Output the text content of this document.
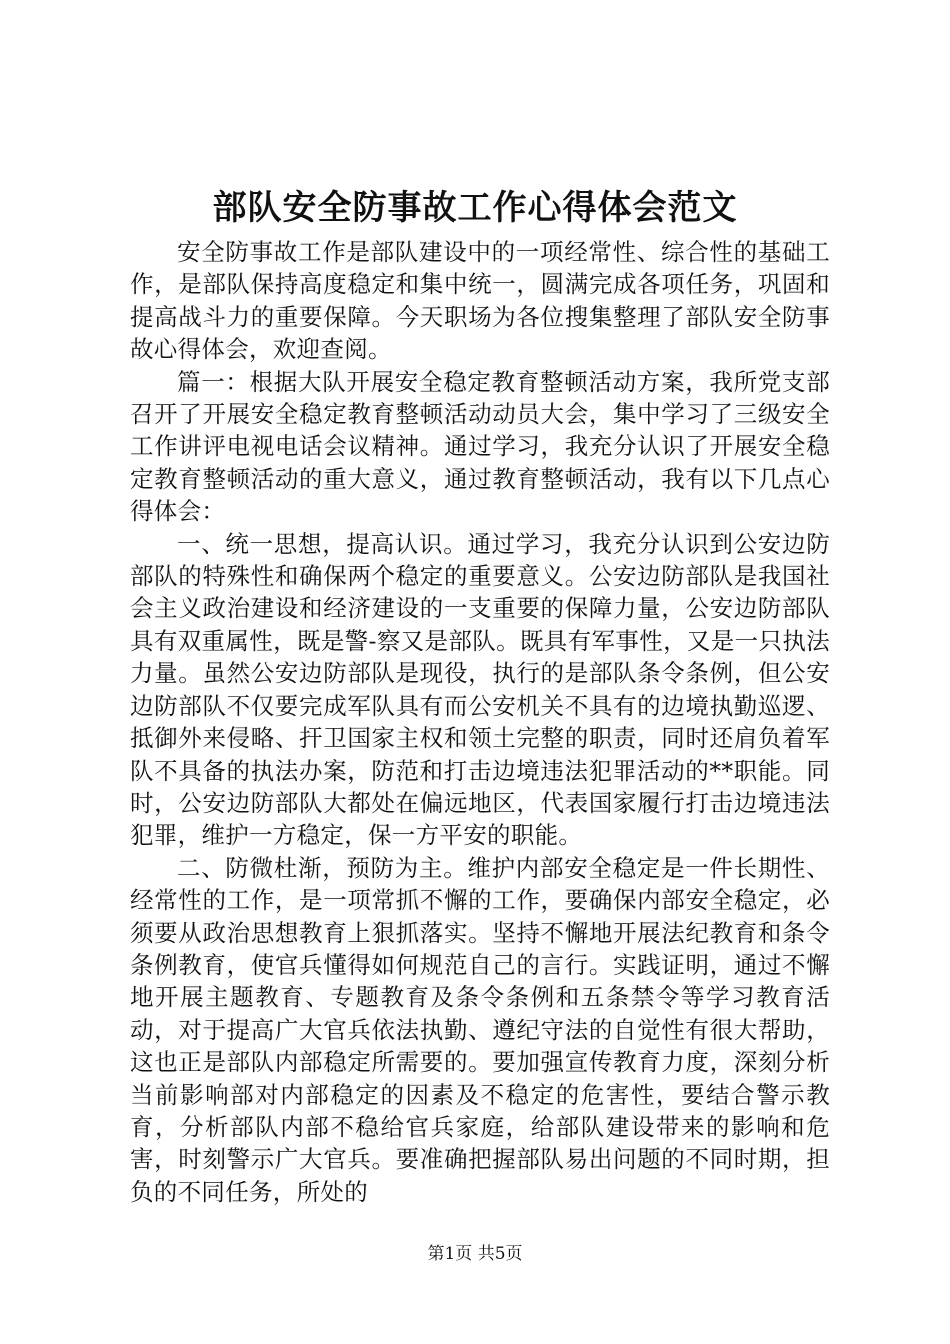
部队安全防事故工作心得体会范文

安全防事故工作是部队建设中的一项经常性、综合性的基础工作，是部队保持高度稳定和集中统一，圆满完成各项任务，巩固和提高战斗力的重要保障。今天职场为各位搜集整理了部队安全防事故心得体会，欢迎查阅。

篇一：根据大队开展安全稳定教育整顿活动方案，我所党支部召开了开展安全稳定教育整顿活动动员大会，集中学习了三级安全工作讲评电视电话会议精神。通过学习，我充分认识了开展安全稳定教育整顿活动的重大意义，通过教育整顿活动，我有以下几点心得体会：

一、统一思想，提高认识。通过学习，我充分认识到公安边防部队的特殊性和确保两个稳定的重要意义。公安边防部队是我国社会主义政治建设和经济建设的一支重要的保障力量，公安边防部队具有双重属性，既是警-察又是部队。既具有军事性，又是一只执法力量。虽然公安边防部队是现役，执行的是部队条令条例，但公安边防部队不仅要完成军队具有而公安机关不具有的边境执勤巡逻、抵御外来侵略、扞卫国家主权和领土完整的职责，同时还肩负着军队不具备的执法办案，防范和打击边境违法犯罪活动的**职能。同时，公安边防部队大都处在偏远地区，代表国家履行打击边境违法犯罪，维护一方稳定，保一方平安的职能。

二、防微杜渐，预防为主。维护内部安全稳定是一件长期性、经常性的工作，是一项常抓不懈的工作，要确保内部安全稳定，必须要从政治思想教育上狠抓落实。坚持不懈地开展法纪教育和条令条例教育，使官兵懂得如何规范自己的言行。实践证明，通过不懈地开展主题教育、专题教育及条令条例和五条禁令等学习教育活动，对于提高广大官兵依法执勤、遵纪守法的自觉性有很大帮助，这也正是部队内部稳定所需要的。要加强宣传教育力度，深刻分析当前影响部对内部稳定的因素及不稳定的危害性，要结合警示教育，分析部队内部不稳给官兵家庭，给部队建设带来的影响和危害，时刻警示广大官兵。要准确把握部队易出问题的不同时期，担负的不同任务，所处的

第1页 共5页
